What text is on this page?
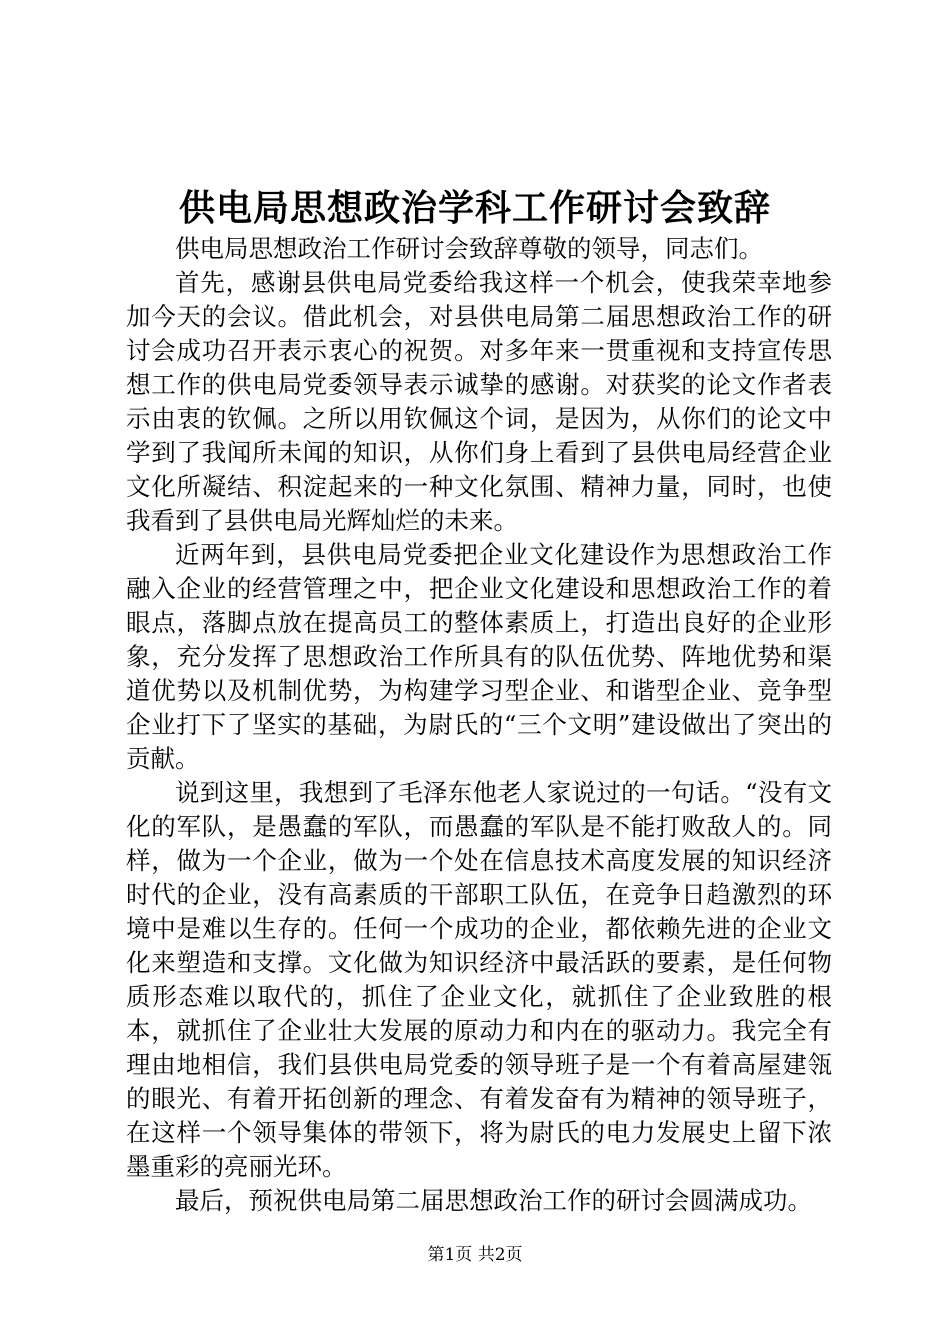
供电局思想政治学科工作研讨会致辞

供电局思想政治工作研讨会致辞尊敬的领导，同志们。

首先，感谢县供电局党委给我这样一个机会，使我荣幸地参加今天的会议。借此机会，对县供电局第二届思想政治工作的研讨会成功召开表示衷心的祝贺。对多年来一贯重视和支持宣传思想工作的供电局党委领导表示诚挚的感谢。对获奖的论文作者表示由衷的钦佩。之所以用钦佩这个词，是因为，从你们的论文中学到了我闻所未闻的知识，从你们身上看到了县供电局经营企业文化所凝结、积淀起来的一种文化氛围、精神力量，同时，也使我看到了县供电局光辉灿烂的未来。

近两年到，县供电局党委把企业文化建设作为思想政治工作融入企业的经营管理之中，把企业文化建设和思想政治工作的着眼点，落脚点放在提高员工的整体素质上，打造出良好的企业形象，充分发挥了思想政治工作所具有的队伍优势、阵地优势和渠道优势以及机制优势，为构建学习型企业、和谐型企业、竞争型企业打下了坚实的基础，为尉氏的“三个文明”建设做出了突出的贡献。

说到这里，我想到了毛泽东他老人家说过的一句话。“没有文化的军队，是愚蠢的军队，而愚蠢的军队是不能打败敌人的。同样，做为一个企业，做为一个处在信息技术高度发展的知识经济时代的企业，没有高素质的干部职工队伍，在竞争日趋激烈的环境中是难以生存的。任何一个成功的企业，都依赖先进的企业文化来塑造和支撑。文化做为知识经济中最活跃的要素，是任何物质形态难以取代的，抓住了企业文化，就抓住了企业致胜的根本，就抓住了企业壮大发展的原动力和内在的驱动力。我完全有理由地相信，我们县供电局党委的领导班子是一个有着高屋建瓴的眼光、有着开拓创新的理念、有着发奋有为精神的领导班子，在这样一个领导集体的带领下，将为尉氏的电力发展史上留下浓墨重彩的亮丽光环。

最后，预祝供电局第二届思想政治工作的研讨会圆满成功。

第1页 共2页
